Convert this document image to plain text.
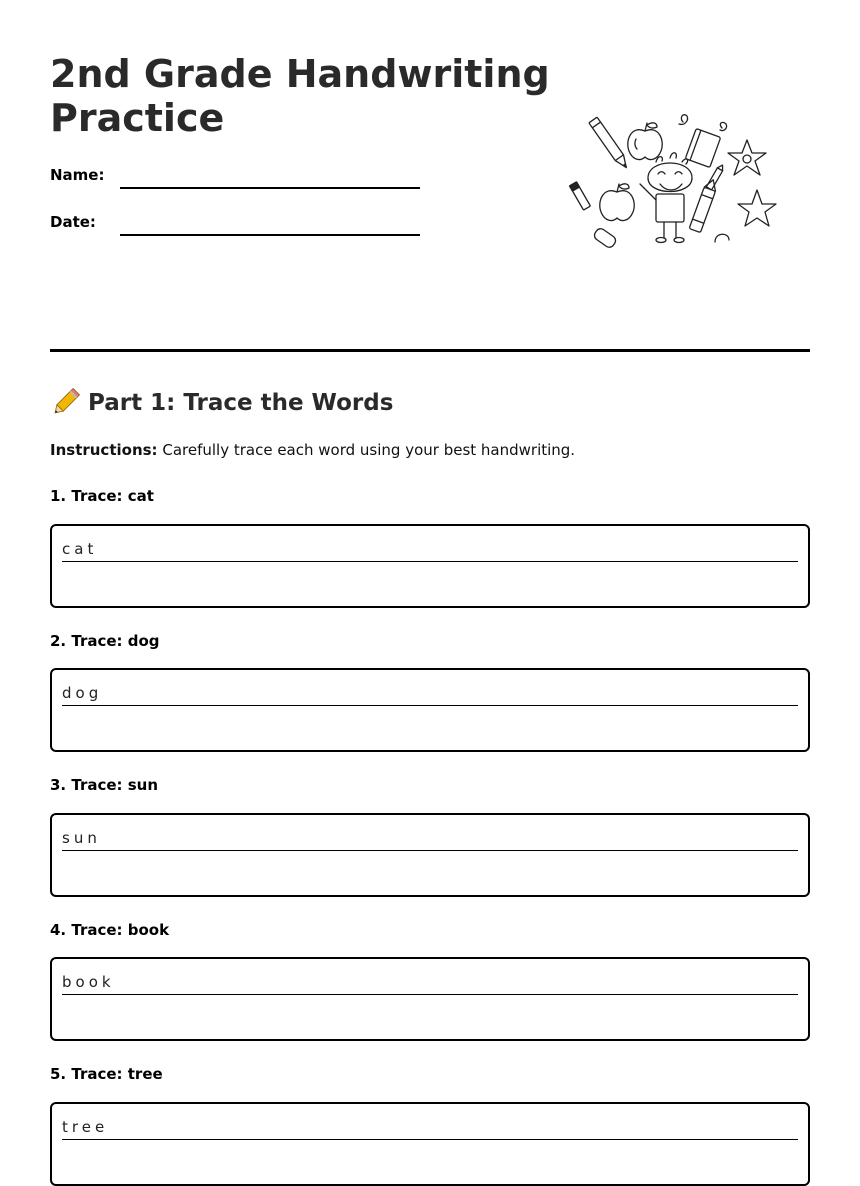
2nd Grade Handwriting Practice
Name:
Date:
Part 1: Trace the Words
Instructions: Carefully trace each word using your best handwriting.
1. Trace: cat
cat
2. Trace: dog
dog
3. Trace: sun
sun
4. Trace: book
book
5. Trace: tree
tree
